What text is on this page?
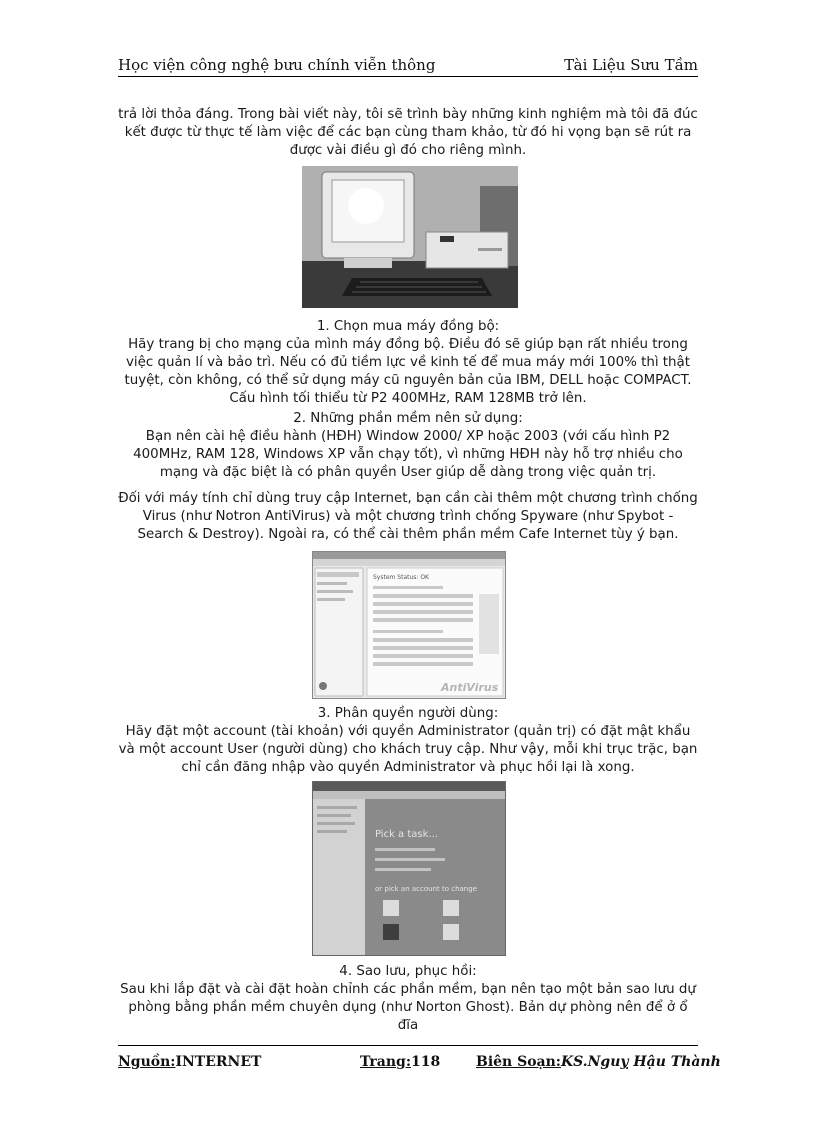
Học viện công nghệ bưu chính viễn thông	Tài Liệu Sưu Tầm
trả lời thỏa đáng. Trong bài viết này, tôi sẽ trình bày những kinh nghiệm mà tôi đã đúc kết được từ thực tế làm việc để các bạn cùng tham khảo, từ đó hi vọng bạn sẽ rút ra được vài điều gì đó cho riêng mình.
1. Chọn mua máy đồng bộ:
Hãy trang bị cho mạng của mình máy đồng bộ. Điều đó sẽ giúp bạn rất nhiều trong việc quản lí và bảo trì. Nếu có đủ tiềm lực về kinh tế để mua máy mới 100% thì thật tuyệt, còn không, có thể sử dụng máy cũ nguyên bản của IBM, DELL hoặc COMPACT. Cấu hình tối thiểu từ P2 400MHz, RAM 128MB trở lên.
2. Những phần mềm nên sử dụng:
Bạn nên cài hệ điều hành (HĐH) Window 2000/ XP hoặc 2003 (với cấu hình P2 400MHz, RAM 128, Windows XP vẫn chạy tốt), vì những HĐH này hỗ trợ nhiều cho mạng và đặc biệt là có phân quyền User giúp dễ dàng trong việc quản trị.
Đối với máy tính chỉ dùng truy cập Internet, bạn cần cài thêm một chương trình chống Virus (như Notron AntiVirus) và một chương trình chống Spyware (như Spybot - Search & Destroy). Ngoài ra, có thể cài thêm phần mềm Cafe Internet tùy ý bạn.
System Status: OK
AntiVirus
3. Phân quyền người dùng:
Hãy đặt một account (tài khoản) với quyền Administrator (quản trị) có đặt mật khẩu và một account User (người dùng) cho khách truy cập. Như vậy, mỗi khi trục trặc, bạn chỉ cần đăng nhập vào quyền Administrator và phục hồi lại là xong.
Pick a task...
or pick an account to change
4. Sao lưu, phục hồi:
Sau khi lắp đặt và cài đặt hoàn chỉnh các phần mềm, bạn nên tạo một bản sao lưu dự phòng bằng phần mềm chuyên dụng (như Norton Ghost). Bản dự phòng nên để ở ổ đĩa
Nguồn:INTERNET	Trang:118	Biên Soạn:KS.Nguỵ Hậu Thành
